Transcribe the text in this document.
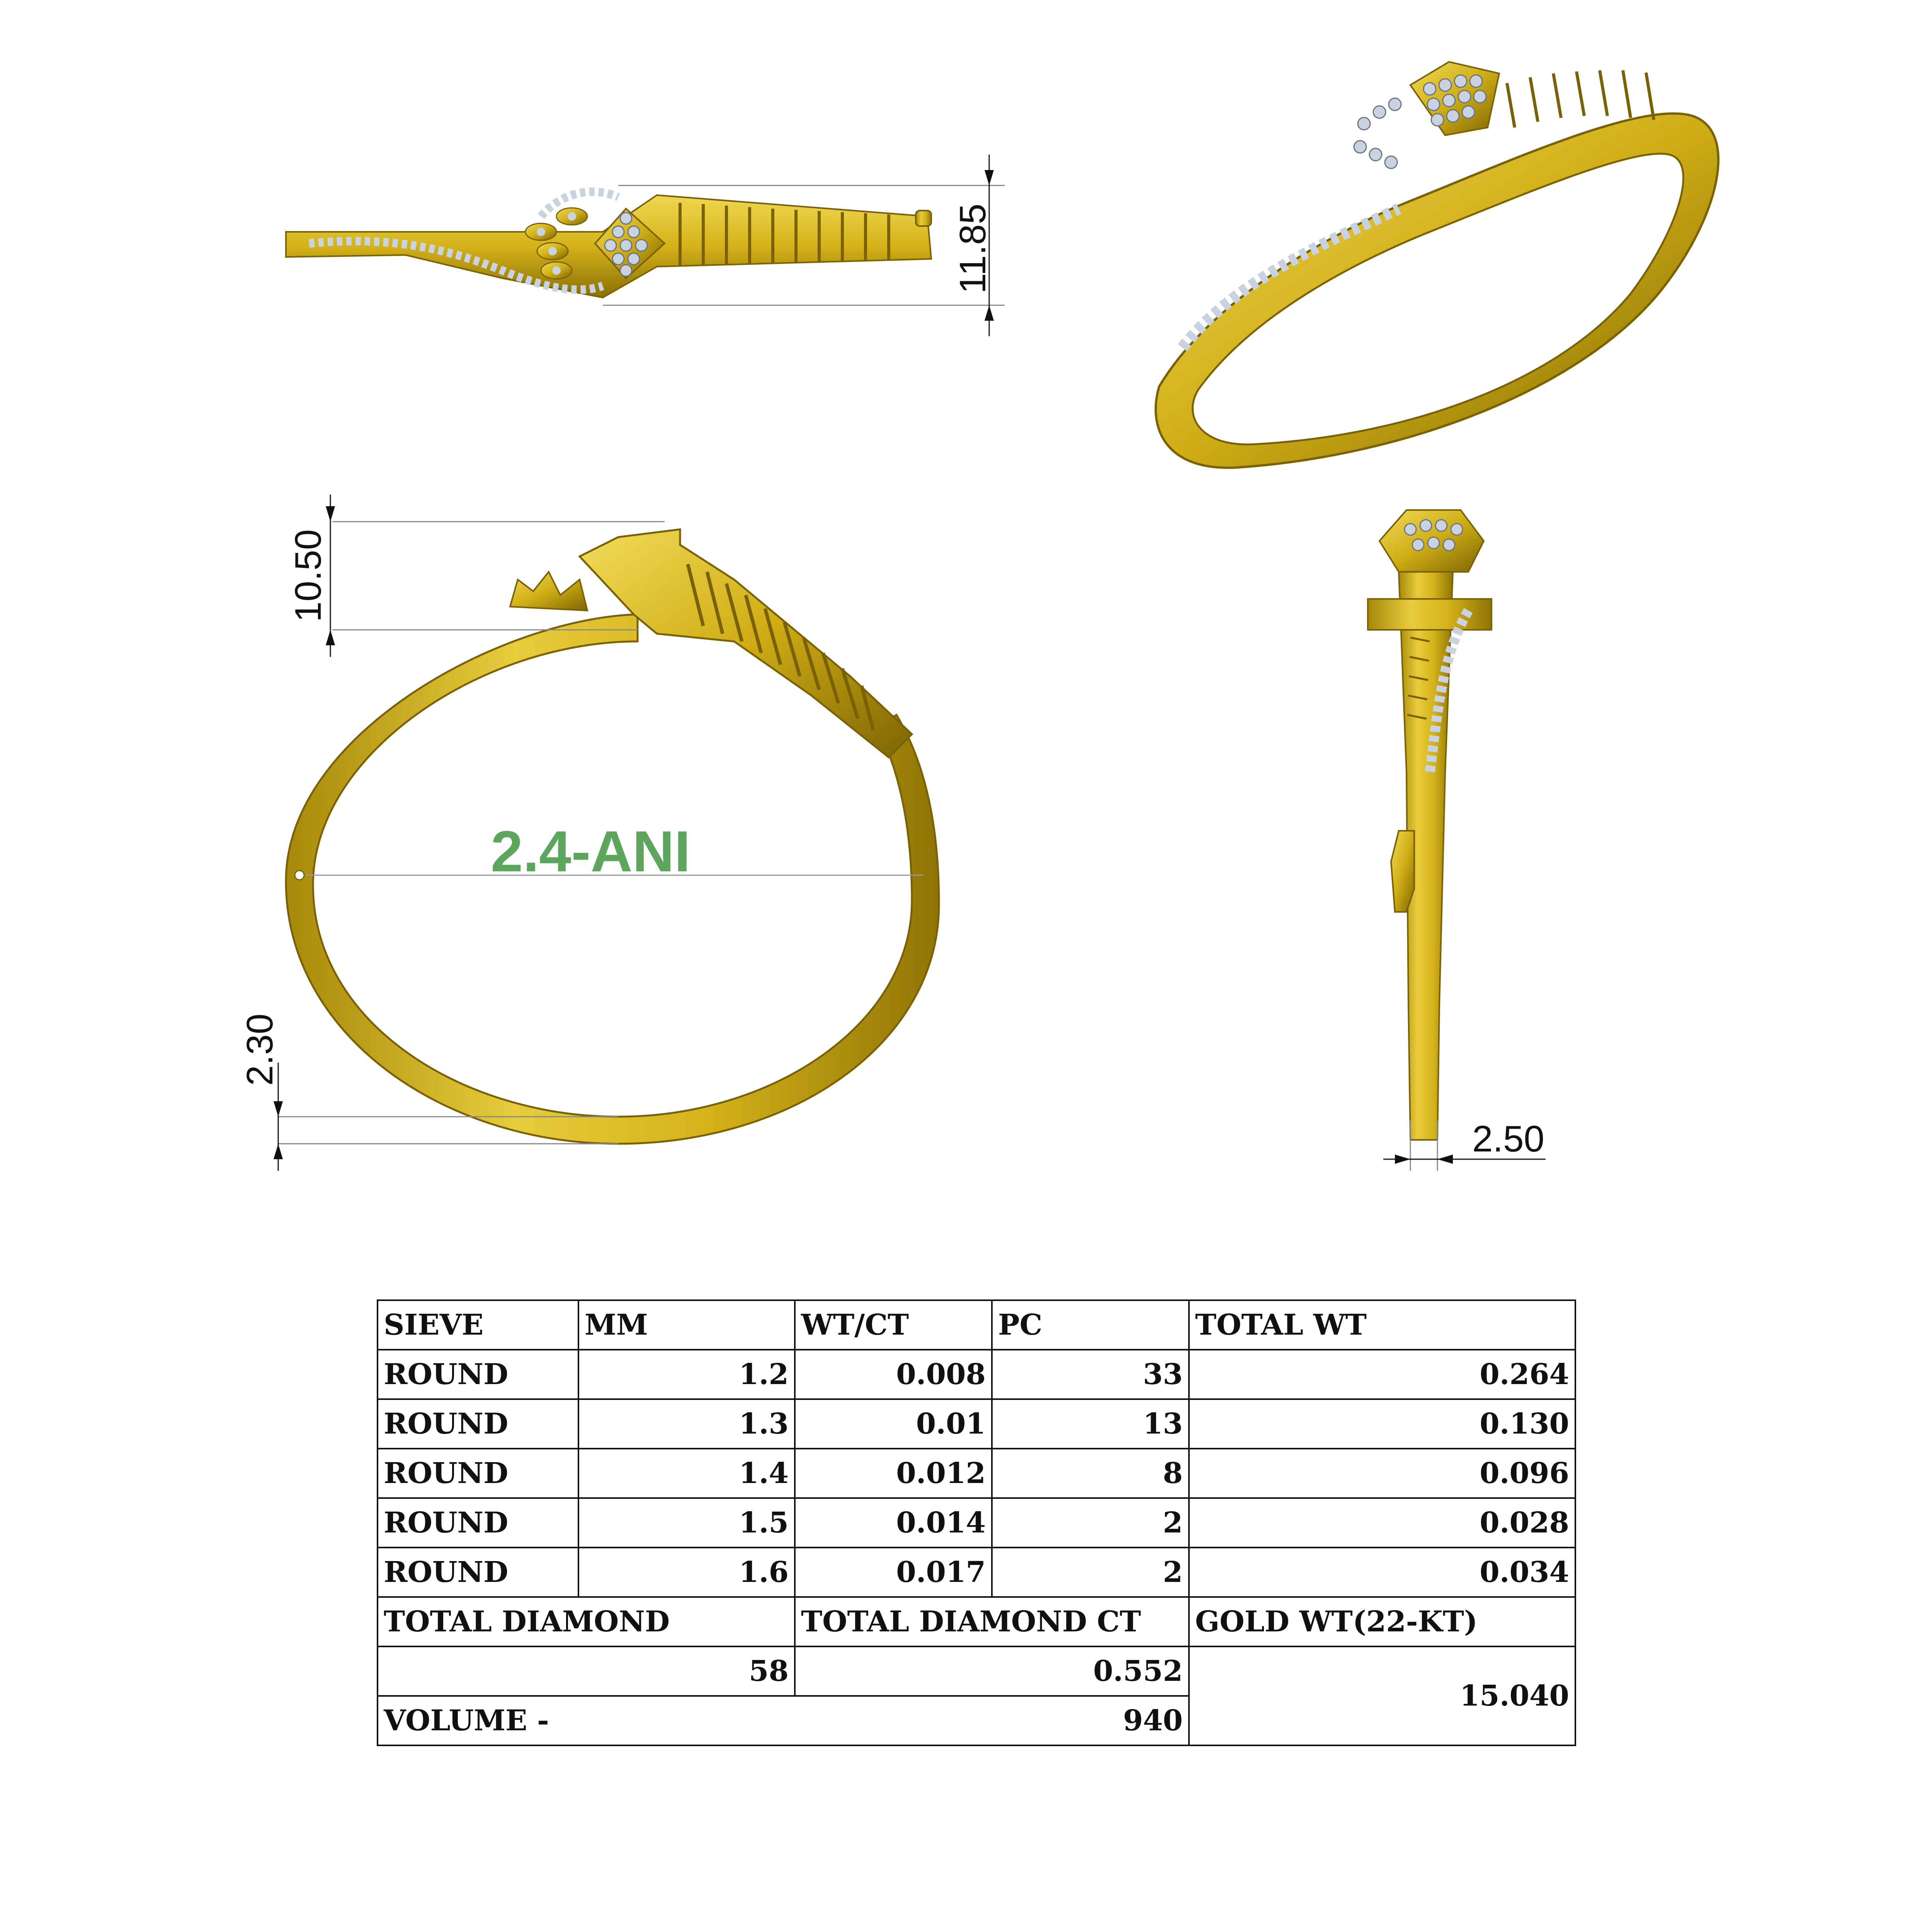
11.85
2.4-ANI
10.50
2.30
2.50
SIEVE	MM	WT/CT	PC	TOTAL WT
ROUND	1.2	0.008	33	0.264
ROUND	1.3	0.01	13	0.130
ROUND	1.4	0.012	8	0.096
ROUND	1.5	0.014	2	0.028
ROUND	1.6	0.017	2	0.034
TOTAL DIAMOND		TOTAL DIAMOND CT		GOLD WT(22-KT)
58		0.552		15.040
VOLUME -		940		
